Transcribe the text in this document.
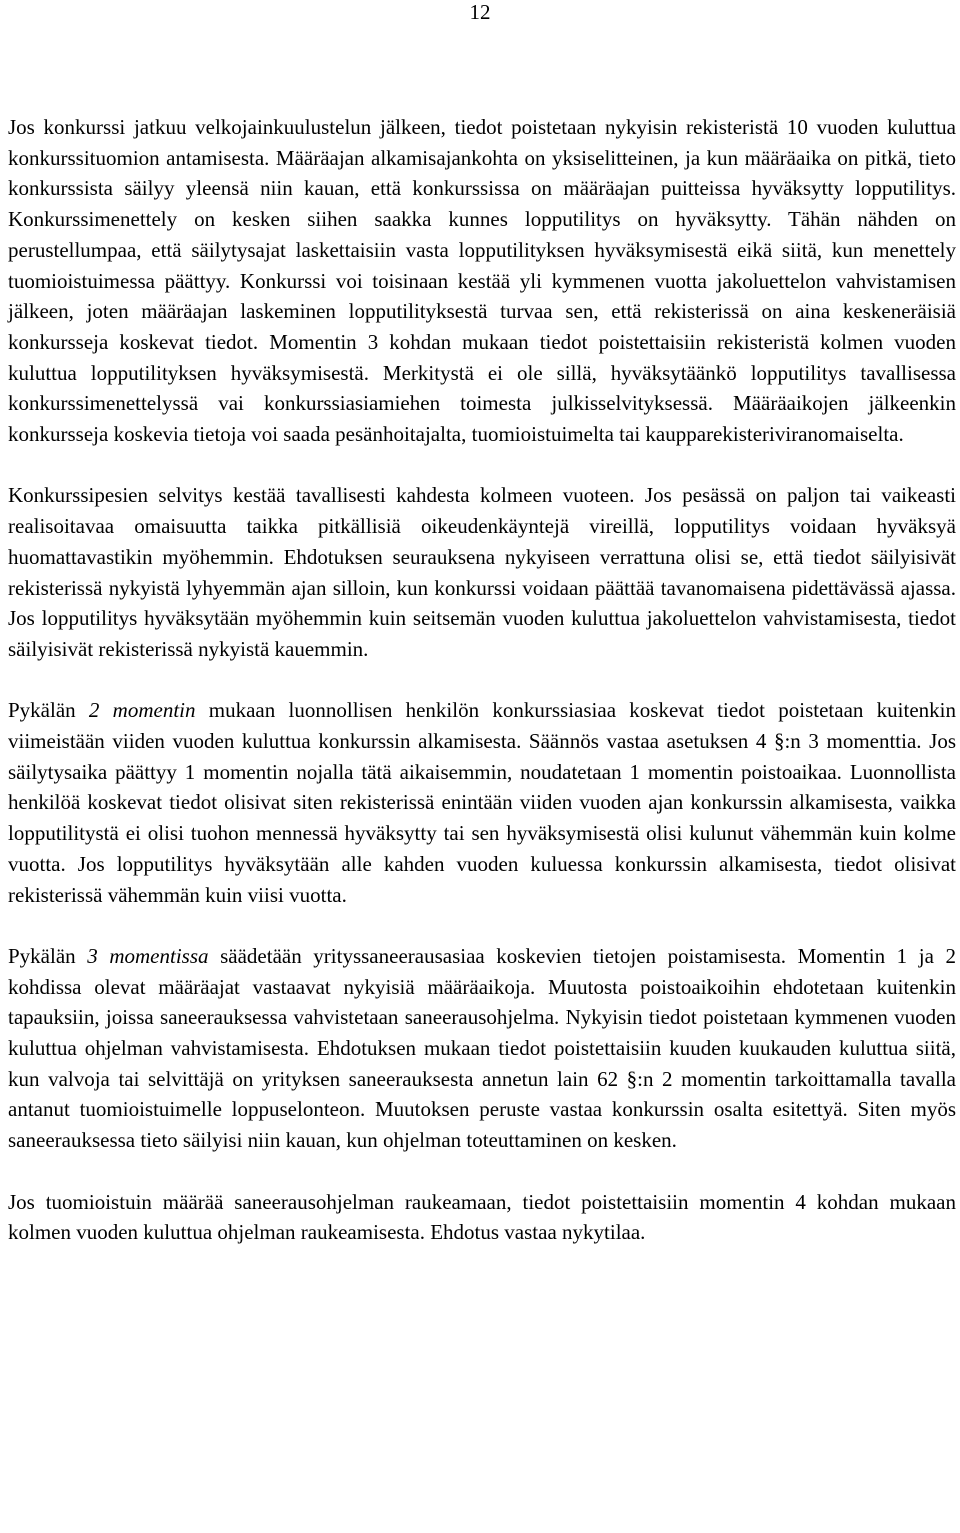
12

Jos konkurssi jatkuu velkojainkuulustelun jälkeen, tiedot poistetaan nykyisin rekisteristä 10 vuoden kuluttua konkurssituomion antamisesta. Määräajan alkamisajankohta on yksiselitteinen, ja kun määräaika on pitkä, tieto konkurssista säilyy yleensä niin kauan, että konkurssissa on määräajan puitteissa hyväksytty lopputilitys. Konkurssimenettely on kesken siihen saakka kunnes lopputilitys on hyväksytty. Tähän nähden on perustellumpaa, että säilytysajat laskettaisiin vasta lopputilityksen hyväksymisestä eikä siitä, kun menettely tuomioistuimessa päättyy. Konkurssi voi toisinaan kestää yli kymmenen vuotta jakoluettelon vahvistamisen jälkeen, joten määräajan laskeminen lopputilityksestä turvaa sen, että rekisterissä on aina keskeneräisiä konkursseja koskevat tiedot. Momentin 3 kohdan mukaan tiedot poistettaisiin rekisteristä kolmen vuoden kuluttua lopputilityksen hyväksymisestä. Merkitystä ei ole sillä, hyväksytäänkö lopputilitys tavallisessa konkurssimenettelyssä vai konkurssiasiamiehen toimesta julkisselvityksessä. Määräaikojen jälkeenkin konkursseja koskevia tietoja voi saada pesänhoitajalta, tuomioistuimelta tai kaupparekisteriviranomaiselta.

Konkurssipesien selvitys kestää tavallisesti kahdesta kolmeen vuoteen. Jos pesässä on paljon tai vaikeasti realisoitavaa omaisuutta taikka pitkällisiä oikeudenkäyntejä vireillä, lopputilitys voidaan hyväksyä huomattavastikin myöhemmin. Ehdotuksen seurauksena nykyiseen verrattuna olisi se, että tiedot säilyisivät rekisterissä nykyistä lyhyemmän ajan silloin, kun konkurssi voidaan päättää tavanomaisena pidettävässä ajassa. Jos lopputilitys hyväksytään myöhemmin kuin seitsemän vuoden kuluttua jakoluettelon vahvistamisesta, tiedot säilyisivät rekisterissä nykyistä kauemmin.

Pykälän 2 momentin mukaan luonnollisen henkilön konkurssiasiaa koskevat tiedot poistetaan kuitenkin viimeistään viiden vuoden kuluttua konkurssin alkamisesta. Säännös vastaa asetuksen 4 §:n 3 momenttia. Jos säilytysaika päättyy 1 momentin nojalla tätä aikaisemmin, noudatetaan 1 momentin poistoaikaa. Luonnollista henkilöä koskevat tiedot olisivat siten rekisterissä enintään viiden vuoden ajan konkurssin alkamisesta, vaikka lopputilitystä ei olisi tuohon mennessä hyväksytty tai sen hyväksymisestä olisi kulunut vähemmän kuin kolme vuotta. Jos lopputilitys hyväksytään alle kahden vuoden kuluessa konkurssin alkamisesta, tiedot olisivat rekisterissä vähemmän kuin viisi vuotta.

Pykälän 3 momentissa säädetään yrityssaneerausasiaa koskevien tietojen poistamisesta. Momentin 1 ja 2 kohdissa olevat määräajat vastaavat nykyisiä määräaikoja. Muutosta poistoaikoihin ehdotetaan kuitenkin tapauksiin, joissa saneerauksessa vahvistetaan saneerausohjelma. Nykyisin tiedot poistetaan kymmenen vuoden kuluttua ohjelman vahvistamisesta. Ehdotuksen mukaan tiedot poistettaisiin kuuden kuukauden kuluttua siitä, kun valvoja tai selvittäjä on yrityksen saneerauksesta annetun lain 62 §:n 2 momentin tarkoittamalla tavalla antanut tuomioistuimelle loppuselonteon. Muutoksen peruste vastaa konkurssin osalta esitettyä. Siten myös saneerauksessa tieto säilyisi niin kauan, kun ohjelman toteuttaminen on kesken.

Jos tuomioistuin määrää saneerausohjelman raukeamaan, tiedot poistettaisiin momentin 4 kohdan mukaan kolmen vuoden kuluttua ohjelman raukeamisesta. Ehdotus vastaa nykytilaa.
